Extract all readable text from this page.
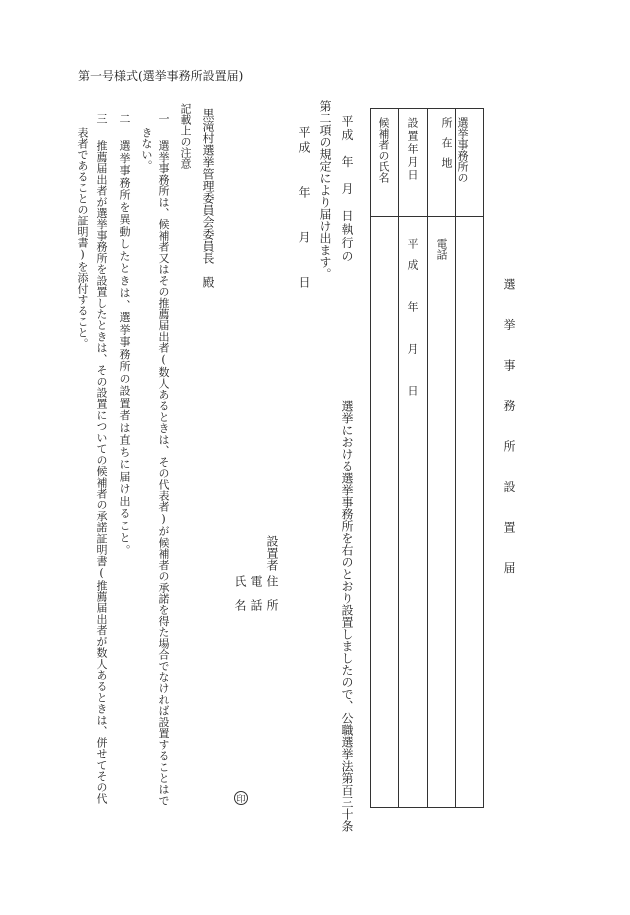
第一号様式(選挙事務所設置届)
選挙事務所設置届
選挙事務所の
所　在　地
電話
設置年月日
平成　年　月　日
候補者の氏名
選挙における選挙事務所を右のとおり設置しましたので、公職選挙法第百三十条
平成　年　月　日執行の
第二項の規定により届け出ます。
平成　　年　　月　　日
設置者
住　所
電　話
氏　名
印
黒滝村選挙管理委員会委員長　殿
記載上の注意
一
選挙事務所は、候補者又はその推薦届出者(数人あるときは、その代表者)が候補者の承諾を得た場合でなければ設置することはで
きない。
二
選挙事務所を異動したときは、選挙事務所の設置者は直ちに届け出ること。
三
推薦届出者が選挙事務所を設置したときは、その設置についての候補者の承諾証明書(推薦届出者が数人あるときは、併せてその代
表者であることの証明書)を添付すること。
